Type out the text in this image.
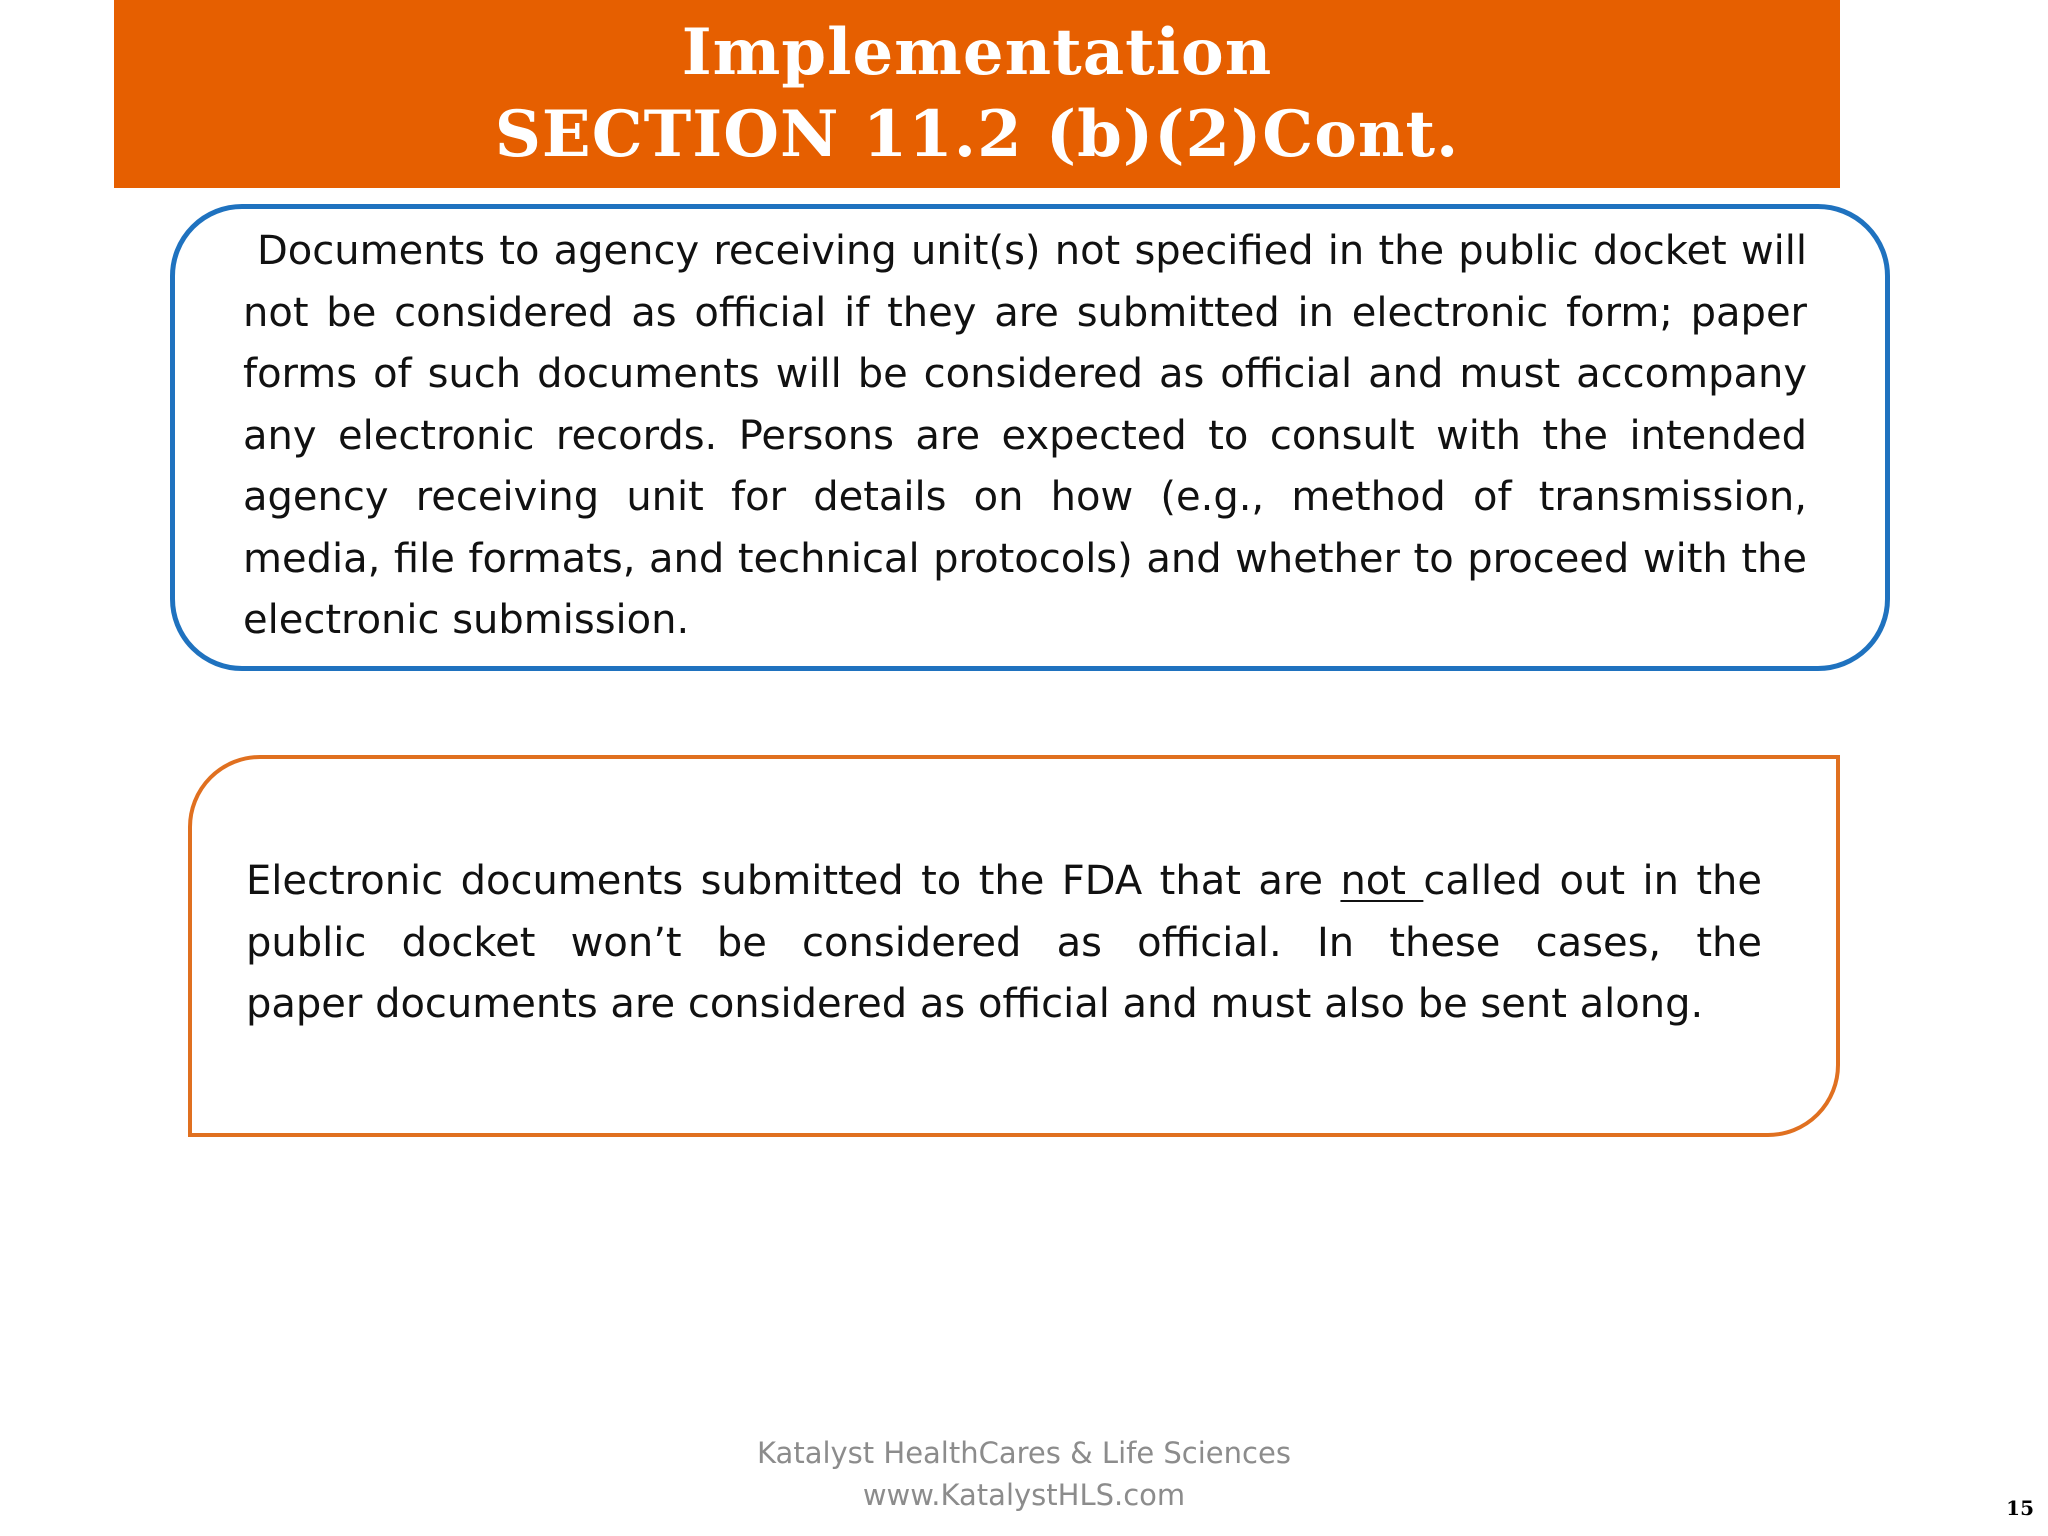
Implementation
SECTION 11.2 (b)(2)Cont.

Documents to agency receiving unit(s) not specified in the public docket will not be considered as official if they are submitted in electronic form; paper forms of such documents will be considered as official and must accompany any electronic records. Persons are expected to consult with the intended agency receiving unit for details on how (e.g., method of transmission, media, file formats, and technical protocols) and whether to proceed with the electronic submission.

Electronic documents submitted to the FDA that are not called out in the public docket won’t be considered as official. In these cases, the
paper documents are considered as official and must also be sent along.

Katalyst HealthCares & Life Sciences
www.KatalystHLS.com	15
